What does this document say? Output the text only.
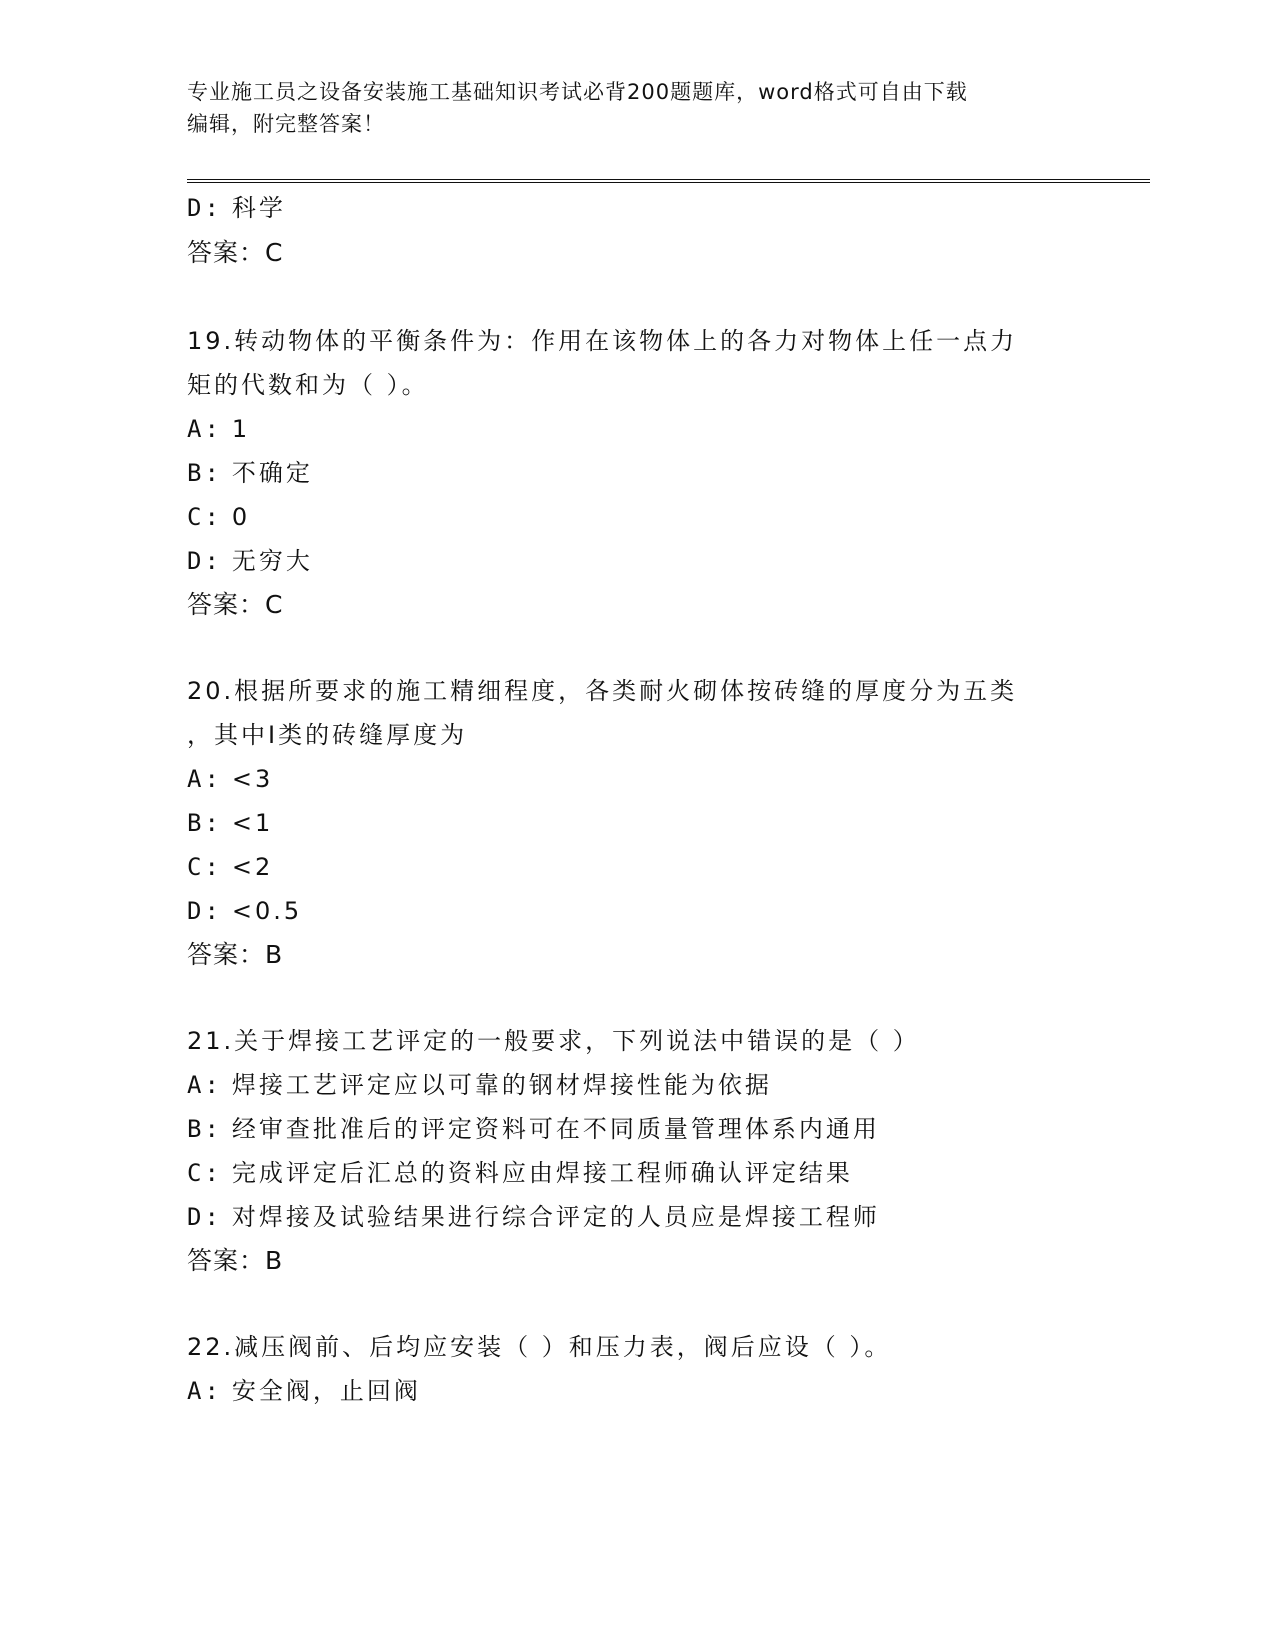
专业施工员之设备安装施工基础知识考试必背200题题库，word格式可自由下载
编辑，附完整答案！
D: 科学
答案：C
19.转动物体的平衡条件为：作用在该物体上的各力对物体上任一点力
矩的代数和为（ ）。
A: 1
B: 不确定
C: 0
D: 无穷大
答案：C
20.根据所要求的施工精细程度，各类耐火砌体按砖缝的厚度分为五类
，其中Ⅰ类的砖缝厚度为
A: <3
B: <1
C: <2
D: <0.5
答案：B
21.关于焊接工艺评定的一般要求，下列说法中错误的是（ ）
A: 焊接工艺评定应以可靠的钢材焊接性能为依据
B: 经审查批准后的评定资料可在不同质量管理体系内通用
C: 完成评定后汇总的资料应由焊接工程师确认评定结果
D: 对焊接及试验结果进行综合评定的人员应是焊接工程师
答案：B
22.减压阀前、后均应安装（ ）和压力表，阀后应设（ ）。
A: 安全阀，止回阀
